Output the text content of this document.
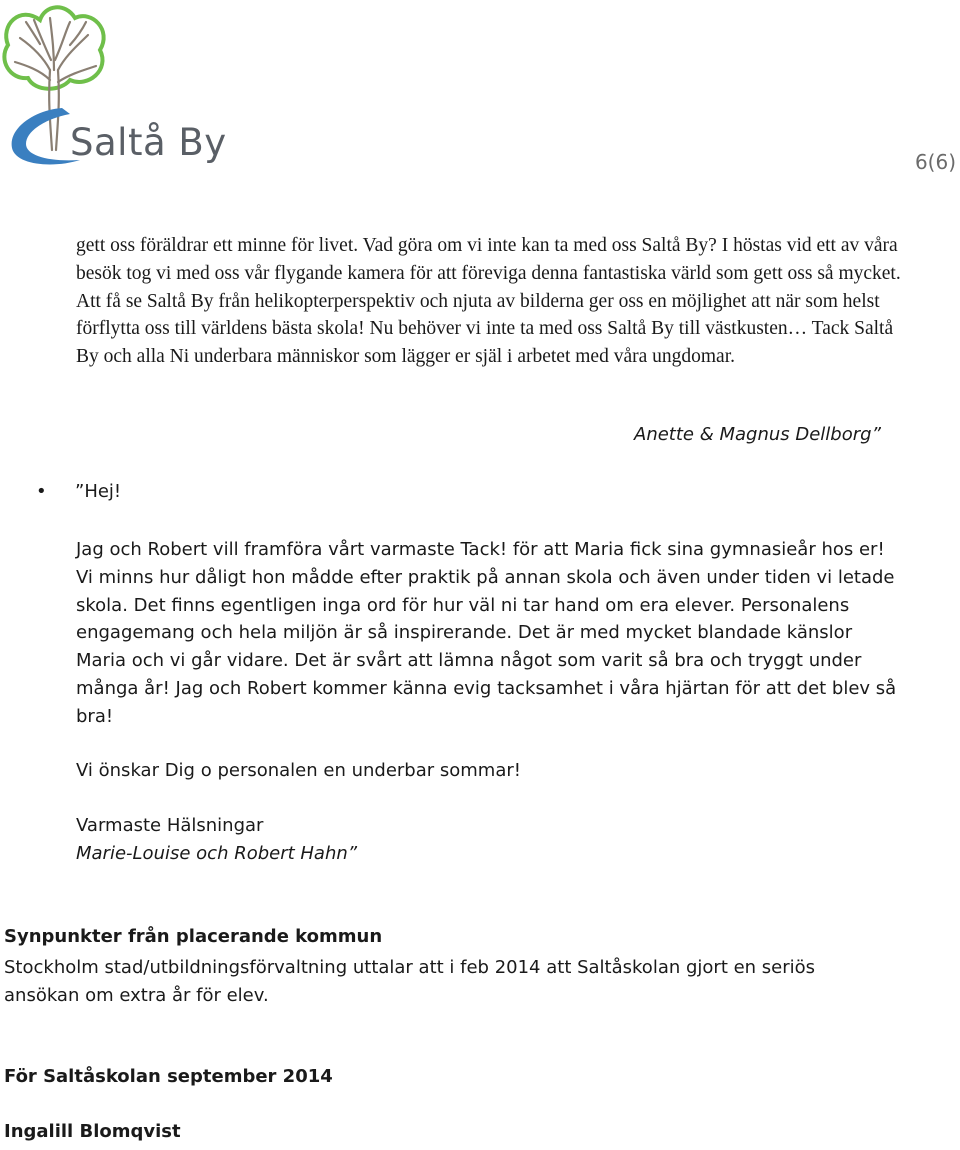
Saltå By	6(6)

gett oss föräldrar ett minne för livet. Vad göra om vi inte kan ta med oss Saltå By? I höstas vid ett av våra besök tog vi med oss vår flygande kamera för att föreviga denna fantastiska värld som gett oss så mycket. Att få se Saltå By från helikopterperspektiv och njuta av bilderna ger oss en möjlighet att när som helst förflytta oss till världens bästa skola! Nu behöver vi inte ta med oss Saltå By till västkusten… Tack Saltå By och alla Ni underbara människor som lägger er själ i arbetet med våra ungdomar.

Anette & Magnus Dellborg”
• ”Hej!

Jag och Robert vill framföra vårt varmaste Tack! för att Maria fick sina gymnasieår hos er! Vi minns hur dåligt hon mådde efter praktik på annan skola och även under tiden vi letade skola. Det finns egentligen inga ord för hur väl ni tar hand om era elever. Personalens engagemang och hela miljön är så inspirerande. Det är med mycket blandade känslor Maria och vi går vidare. Det är svårt att lämna något som varit så bra och tryggt under många år! Jag och Robert kommer känna evig tacksamhet i våra hjärtan för att det blev så bra!

Vi önskar Dig o personalen en underbar sommar!
Varmaste Hälsningar
Marie-Louise och Robert Hahn”
Synpunkter från placerande kommun

Stockholm stad/utbildningsförvaltning uttalar att i feb 2014 att Saltåskolan gjort en seriös ansökan om extra år för elev.

För Saltåskolan september 2014
Ingalill Blomqvist
